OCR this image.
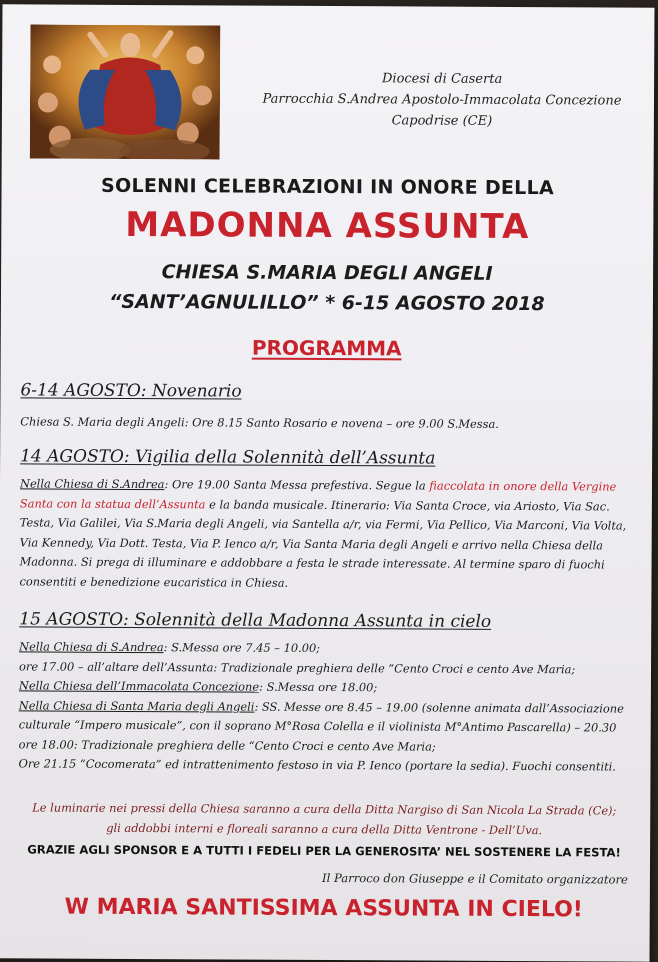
Diocesi di Caserta
Parrocchia S.Andrea Apostolo-Immacolata Concezione
Capodrise (CE)
SOLENNI CELEBRAZIONI IN ONORE DELLA
MADONNA ASSUNTA
CHIESA S.MARIA DEGLI ANGELI
“SANT’AGNULILLO” * 6-15 AGOSTO 2018
PROGRAMMA
6-14 AGOSTO: Novenario
Chiesa S. Maria degli Angeli: Ore 8.15 Santo Rosario e novena – ore 9.00 S.Messa.
14 AGOSTO: Vigilia della Solennità dell’Assunta
Nella Chiesa di S.Andrea: Ore 19.00 Santa Messa prefestiva. Segue la fiaccolata in onore della Vergine Santa con la statua dell’Assunta e la banda musicale. Itinerario: Via Santa Croce, via Ariosto, Via Sac. Testa, Via Galilei, Via S.Maria degli Angeli, via Santella a/r, via Fermi, Via Pellico, Via Marconi, Via Volta, Via Kennedy, Via Dott. Testa, Via P. Ienco a/r, Via Santa Maria degli Angeli e arrivo nella Chiesa della Madonna. Si prega di illuminare e addobbare a festa le strade interessate. Al termine sparo di fuochi consentiti e benedizione eucaristica in Chiesa.
15 AGOSTO: Solennità della Madonna Assunta in cielo
Nella Chiesa di S.Andrea: S.Messa ore 7.45 – 10.00;
ore 17.00 – all’altare dell’Assunta: Tradizionale preghiera delle “Cento Croci e cento Ave Maria;
Nella Chiesa dell’Immacolata Concezione: S.Messa ore 18.00;
Nella Chiesa di Santa Maria degli Angeli: SS. Messe ore 8.45 – 19.00 (solenne animata dall’Associazione culturale “Impero musicale”, con il soprano M°Rosa Colella e il violinista M°Antimo Pascarella) – 20.30 ore 18.00: Tradizionale preghiera delle “Cento Croci e cento Ave Maria;
Ore 21.15 “Cocomerata” ed intrattenimento festoso in via P. Ienco (portare la sedia). Fuochi consentiti.
Le luminarie nei pressi della Chiesa saranno a cura della Ditta Nargiso di San Nicola La Strada (Ce);
gli addobbi interni e floreali saranno a cura della Ditta Ventrone - Dell’Uva.
GRAZIE AGLI SPONSOR E A TUTTI I FEDELI PER LA GENEROSITA’ NEL SOSTENERE LA FESTA!
Il Parroco don Giuseppe e il Comitato organizzatore
W MARIA SANTISSIMA ASSUNTA IN CIELO!
